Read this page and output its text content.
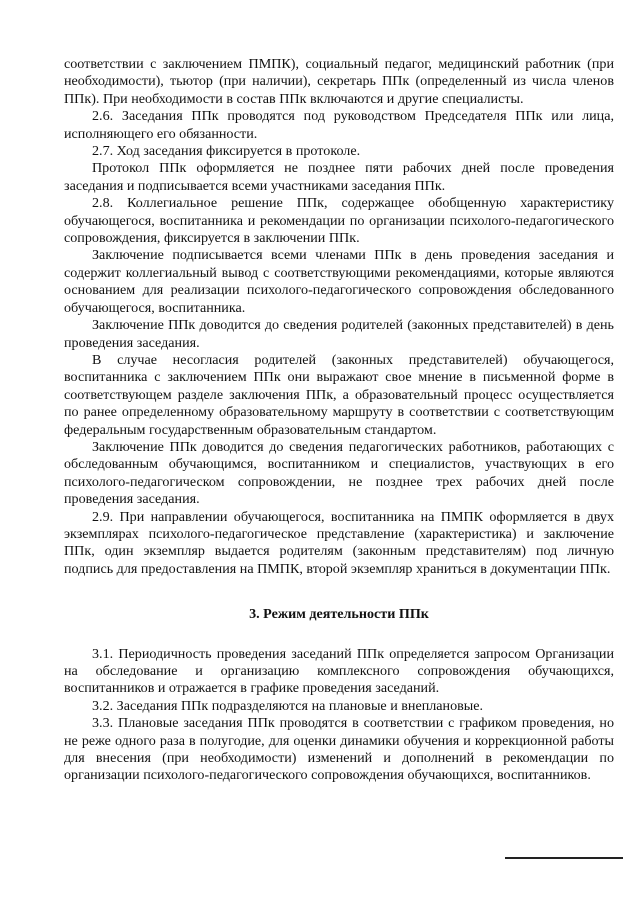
соответствии с заключением ПМПК), социальный педагог, медицинский работник (при необходимости), тьютор (при наличии), секретарь ППк (определенный из числа членов ППк). При необходимости в состав ППк включаются и другие специалисты.

2.6. Заседания ППк проводятся под руководством Председателя ППк или лица, исполняющего его обязанности.

2.7. Ход заседания фиксируется в протоколе.

Протокол ППк оформляется не позднее пяти рабочих дней после проведения заседания и подписывается всеми участниками заседания ППк.

2.8. Коллегиальное решение ППк, содержащее обобщенную характеристику обучающегося, воспитанника и рекомендации по организации психолого-педагогического сопровождения, фиксируется в заключении ППк.

Заключение подписывается всеми членами ППк в день проведения заседания и содержит коллегиальный вывод с соответствующими рекомендациями, которые являются основанием для реализации психолого-педагогического сопровождения обследованного обучающегося, воспитанника.

Заключение ППк доводится до сведения родителей (законных представителей) в день проведения заседания.

В случае несогласия родителей (законных представителей) обучающегося, воспитанника с заключением ППк они выражают свое мнение в письменной форме в соответствующем разделе заключения ППк, а образовательный процесс осуществляется по ранее определенному образовательному маршруту в соответствии с соответствующим федеральным государственным образовательным стандартом.

Заключение ППк доводится до сведения педагогических работников, работающих с обследованным обучающимся, воспитанником и специалистов, участвующих в его психолого-педагогическом сопровождении, не позднее трех рабочих дней после проведения заседания.

2.9. При направлении обучающегося, воспитанника на ПМПК оформляется в двух экземплярах психолого-педагогическое представление (характеристика) и заключение ППк, один экземпляр выдается родителям (законным представителям) под личную подпись для предоставления на ПМПК, второй экземпляр храниться в документации ППк.

3. Режим деятельности ППк

3.1. Периодичность проведения заседаний ППк определяется запросом Организации на обследование и организацию комплексного сопровождения обучающихся, воспитанников и отражается в графике проведения заседаний.

3.2. Заседания ППк подразделяются на плановые и внеплановые.

3.3. Плановые заседания ППк проводятся в соответствии с графиком проведения, но не реже одного раза в полугодие, для оценки динамики обучения и коррекционной работы для внесения (при необходимости) изменений и дополнений в рекомендации по организации психолого-педагогического сопровождения обучающихся, воспитанников.
